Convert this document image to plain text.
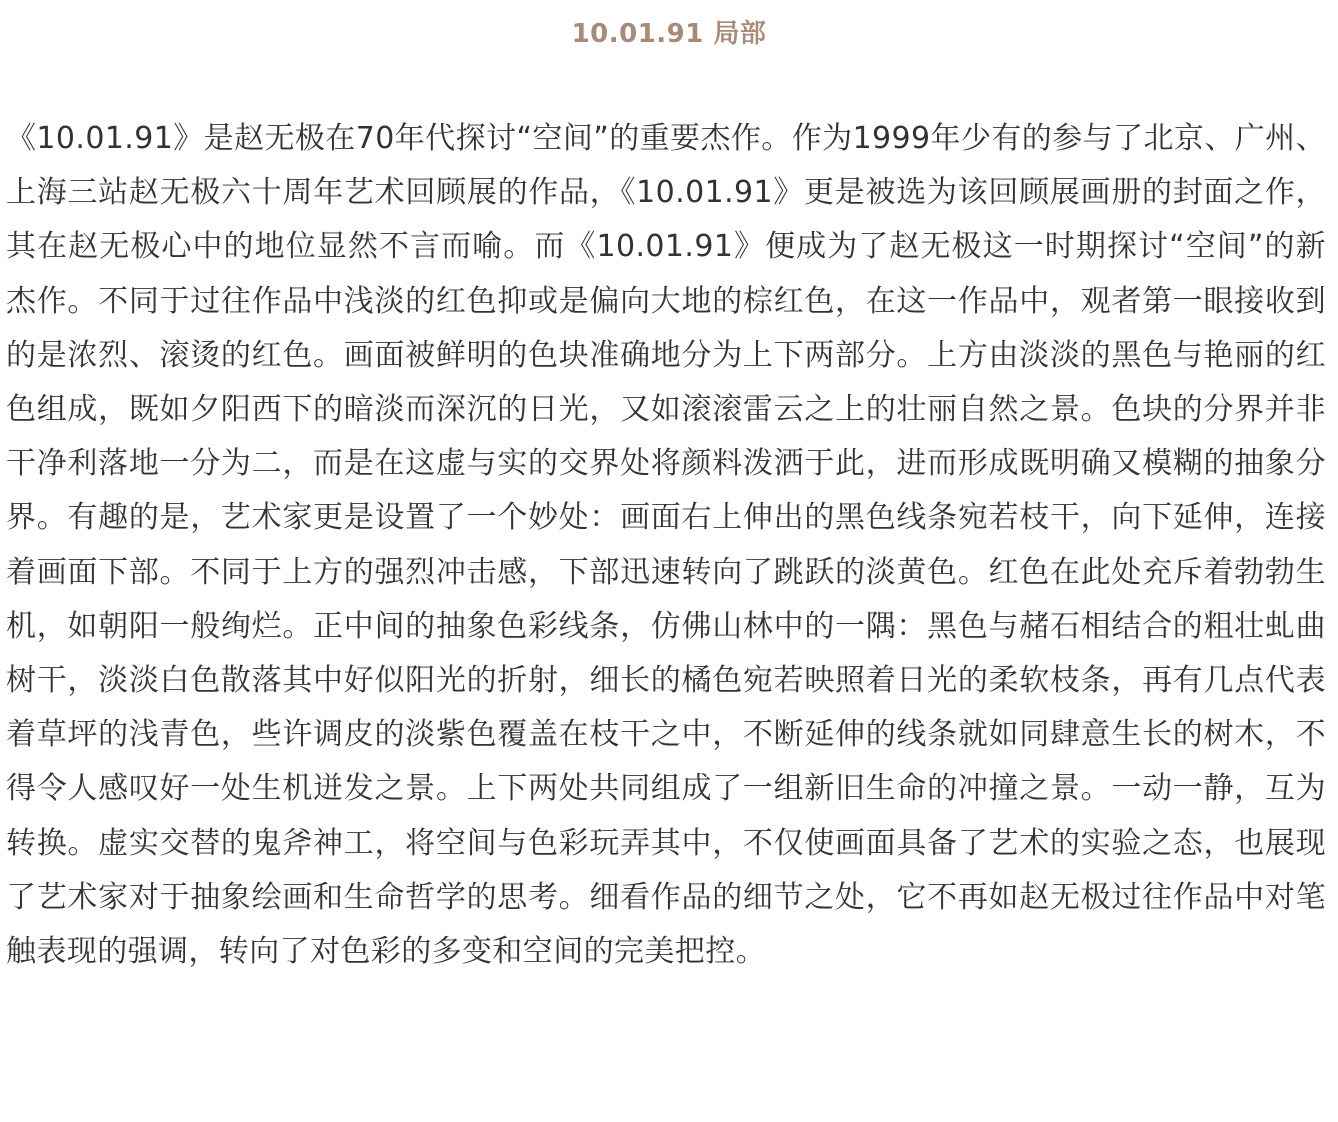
10.01.91 局部

《10.01.91》是赵无极在70年代探讨“空间”的重要杰作。作为1999年少有的参与了北京、广州、上海三站赵无极六十周年艺术回顾展的作品，《10.01.91》更是被选为该回顾展画册的封面之作，其在赵无极心中的地位显然不言而喻。而《10.01.91》便成为了赵无极这一时期探讨“空间”的新杰作。不同于过往作品中浅淡的红色抑或是偏向大地的棕红色，在这一作品中，观者第一眼接收到的是浓烈、滚烫的红色。画面被鲜明的色块准确地分为上下两部分。上方由淡淡的黑色与艳丽的红色组成，既如夕阳西下的暗淡而深沉的日光，又如滚滚雷云之上的壮丽自然之景。色块的分界并非干净利落地一分为二，而是在这虚与实的交界处将颜料泼洒于此，进而形成既明确又模糊的抽象分界。有趣的是，艺术家更是设置了一个妙处：画面右上伸出的黑色线条宛若枝干，向下延伸，连接着画面下部。不同于上方的强烈冲击感，下部迅速转向了跳跃的淡黄色。红色在此处充斥着勃勃生机，如朝阳一般绚烂。正中间的抽象色彩线条，仿佛山林中的一隅：黑色与赭石相结合的粗壮虬曲树干，淡淡白色散落其中好似阳光的折射，细长的橘色宛若映照着日光的柔软枝条，再有几点代表着草坪的浅青色，些许调皮的淡紫色覆盖在枝干之中，不断延伸的线条就如同肆意生长的树木，不得令人感叹好一处生机迸发之景。上下两处共同组成了一组新旧生命的冲撞之景。一动一静，互为转换。虚实交替的鬼斧神工，将空间与色彩玩弄其中，不仅使画面具备了艺术的实验之态，也展现了艺术家对于抽象绘画和生命哲学的思考。细看作品的细节之处，它不再如赵无极过往作品中对笔触表现的强调，转向了对色彩的多变和空间的完美把控。
